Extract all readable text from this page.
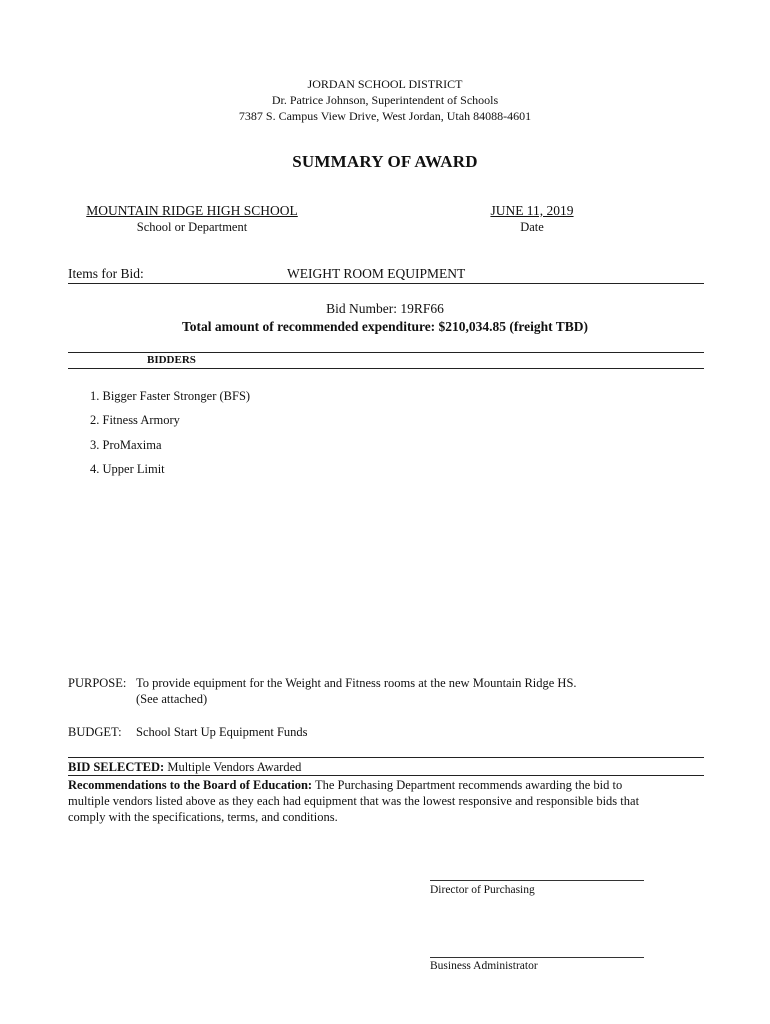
JORDAN SCHOOL DISTRICT
Dr. Patrice Johnson, Superintendent of Schools
7387 S. Campus View Drive, West Jordan, Utah 84088-4601
SUMMARY OF AWARD
MOUNTAIN RIDGE HIGH SCHOOL
School or Department
JUNE 11, 2019
Date
Items for Bid:	WEIGHT ROOM EQUIPMENT
Bid Number: 19RF66
Total amount of recommended expenditure: $210,034.85 (freight TBD)
BIDDERS
1. Bigger Faster Stronger (BFS)
2. Fitness Armory
3. ProMaxima
4. Upper Limit
PURPOSE: To provide equipment for the Weight and Fitness rooms at the new Mountain Ridge HS.
(See attached)
BUDGET: School Start Up Equipment Funds
BID SELECTED: Multiple Vendors Awarded
Recommendations to the Board of Education: The Purchasing Department recommends awarding the bid to
multiple vendors listed above as they each had equipment that was the lowest responsive and responsible bids that
comply with the specifications, terms, and conditions.
Director of Purchasing
Business Administrator
